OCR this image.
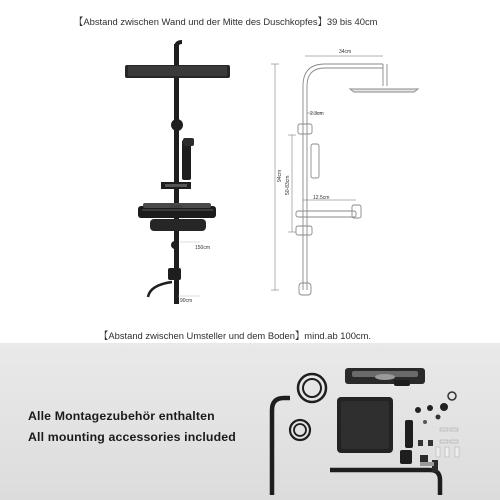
【Abstand zwischen Wand und der Mitte des Duschkopfes】39 bis 40cm
【Abstand zwischen Umsteller und dem Boden】mind.ab 100cm.
31cm
150cm
90cm
34cm
2.3cm
12.5cm
94cm 50-83cm
Alle Montagezubehör enthalten
All mounting accessories included
